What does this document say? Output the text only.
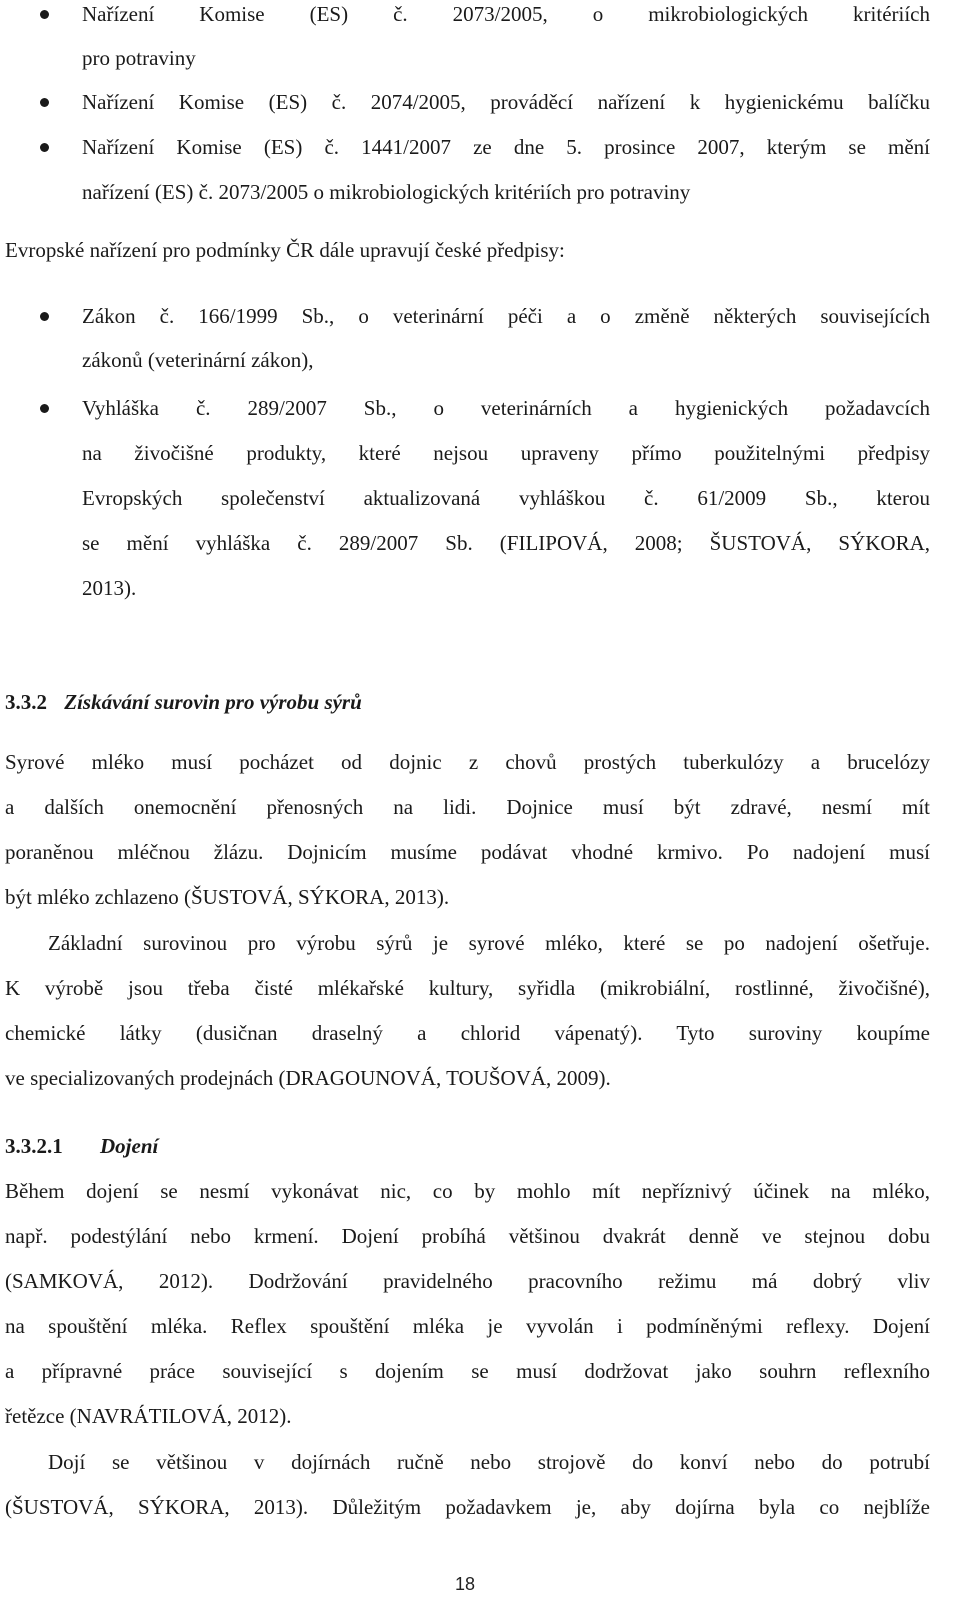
Nařízení Komise (ES) č. 2073/2005, o mikrobiologických kritériích
pro potraviny
Nařízení Komise (ES) č. 2074/2005, prováděcí nařízení k hygienickému balíčku
Nařízení Komise (ES) č. 1441/2007 ze dne 5. prosince 2007, kterým se mění
nařízení (ES) č. 2073/2005 o mikrobiologických kritériích pro potraviny
Evropské nařízení pro podmínky ČR dále upravují české předpisy:
Zákon č. 166/1999 Sb., o veterinární péči a o změně některých souvisejících
zákonů (veterinární zákon),
Vyhláška č. 289/2007 Sb., o veterinárních a hygienických požadavcích
na živočišné produkty, které nejsou upraveny přímo použitelnými předpisy
Evropských společenství aktualizovaná vyhláškou č. 61/2009 Sb., kterou
se mění vyhláška č. 289/2007 Sb. (FILIPOVÁ, 2008; ŠUSTOVÁ, SÝKORA,
2013).
3.3.2 Získávání surovin pro výrobu sýrů
Syrové mléko musí pocházet od dojnic z chovů prostých tuberkulózy a brucelózy
a dalších onemocnění přenosných na lidi. Dojnice musí být zdravé, nesmí mít
poraněnou mléčnou žlázu. Dojnicím musíme podávat vhodné krmivo. Po nadojení musí
být mléko zchlazeno (ŠUSTOVÁ, SÝKORA, 2013).
Základní surovinou pro výrobu sýrů je syrové mléko, které se po nadojení ošetřuje.
K výrobě jsou třeba čisté mlékařské kultury, syřidla (mikrobiální, rostlinné, živočišné),
chemické látky (dusičnan draselný a chlorid vápenatý). Tyto suroviny koupíme
ve specializovaných prodejnách (DRAGOUNOVÁ, TOUŠOVÁ, 2009).
3.3.2.1 Dojení
Během dojení se nesmí vykonávat nic, co by mohlo mít nepříznivý účinek na mléko,
např. podestýlání nebo krmení. Dojení probíhá většinou dvakrát denně ve stejnou dobu
(SAMKOVÁ, 2012). Dodržování pravidelného pracovního režimu má dobrý vliv
na spouštění mléka. Reflex spouštění mléka je vyvolán i podmíněnými reflexy. Dojení
a přípravné práce související s dojením se musí dodržovat jako souhrn reflexního
řetězce (NAVRÁTILOVÁ, 2012).
Dojí se většinou v dojírnách ručně nebo strojově do konví nebo do potrubí
(ŠUSTOVÁ, SÝKORA, 2013). Důležitým požadavkem je, aby dojírna byla co nejblíže
18
